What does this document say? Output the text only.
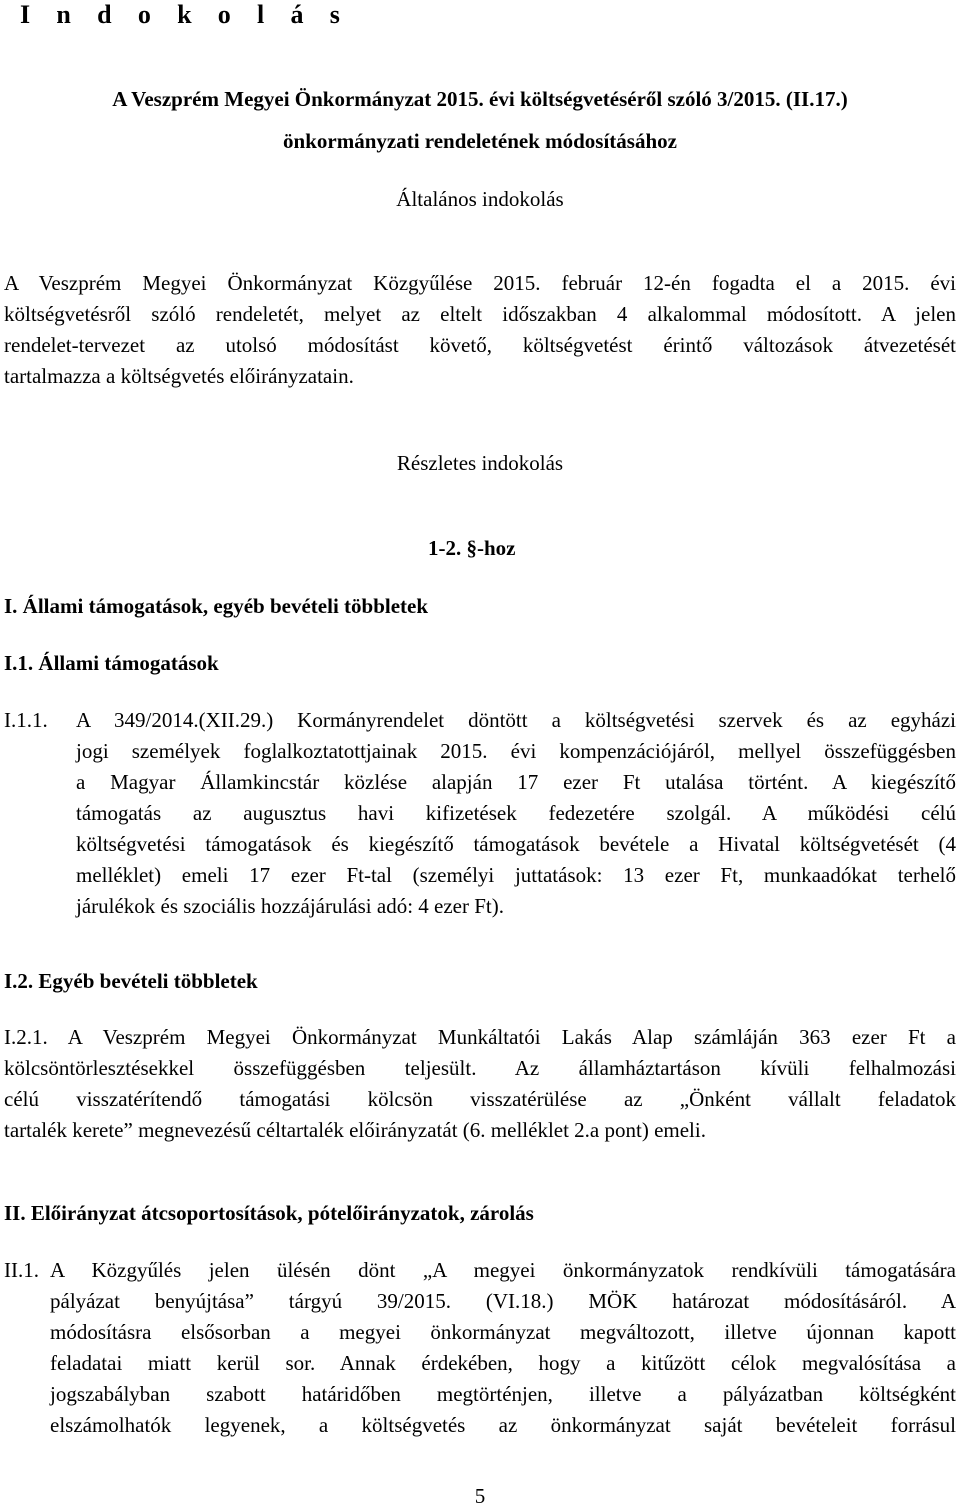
I n d o k o l á s

A Veszprém Megyei Önkormányzat 2015. évi költségvetéséről szóló 3/2015. (II.17.)

önkormányzati rendeletének módosításához

Általános indokolás

A Veszprém Megyei Önkormányzat Közgyűlése 2015. február 12-én fogadta el a 2015. évi
költségvetésről szóló rendeletét, melyet az eltelt időszakban 4 alkalommal módosított. A jelen
rendelet-tervezet az utolsó módosítást követő, költségvetést érintő változások átvezetését
tartalmazza a költségvetés előirányzatain.

Részletes indokolás

1-2. §-hoz

I. Állami támogatások, egyéb bevételi többletek

I.1. Állami támogatások

I.1.1. A 349/2014.(XII.29.) Kormányrendelet döntött a költségvetési szervek és az egyházi
jogi személyek foglalkoztatottjainak 2015. évi kompenzációjáról, mellyel összefüggésben
a Magyar Államkincstár közlése alapján 17 ezer Ft utalása történt. A kiegészítő
támogatás az augusztus havi kifizetések fedezetére szolgál. A működési célú
költségvetési támogatások és kiegészítő támogatások bevétele a Hivatal költségvetését (4
melléklet) emeli 17 ezer Ft-tal (személyi juttatások: 13 ezer Ft, munkaadókat terhelő
járulékok és szociális hozzájárulási adó: 4 ezer Ft).

I.2. Egyéb bevételi többletek

I.2.1. A Veszprém Megyei Önkormányzat Munkáltatói Lakás Alap számláján 363 ezer Ft a
kölcsöntörlesztésekkel összefüggésben teljesült. Az államháztartáson kívüli felhalmozási
célú visszatérítendő támogatási kölcsön visszatérülése az „Önként vállalt feladatok
tartalék kerete” megnevezésű céltartalék előirányzatát (6. melléklet 2.a pont) emeli.

II. Előirányzat átcsoportosítások, pótelőirányzatok, zárolás

II.1. A Közgyűlés jelen ülésén dönt „A megyei önkormányzatok rendkívüli támogatására
pályázat benyújtása” tárgyú 39/2015. (VI.18.) MÖK határozat módosításáról. A
módosításra elsősorban a megyei önkormányzat megváltozott, illetve újonnan kapott
feladatai miatt kerül sor. Annak érdekében, hogy a kitűzött célok megvalósítása a
jogszabályban szabott határidőben megtörténjen, illetve a pályázatban költségként
elszámolhatók legyenek, a költségvetés az önkormányzat saját bevételeit forrásul

5
